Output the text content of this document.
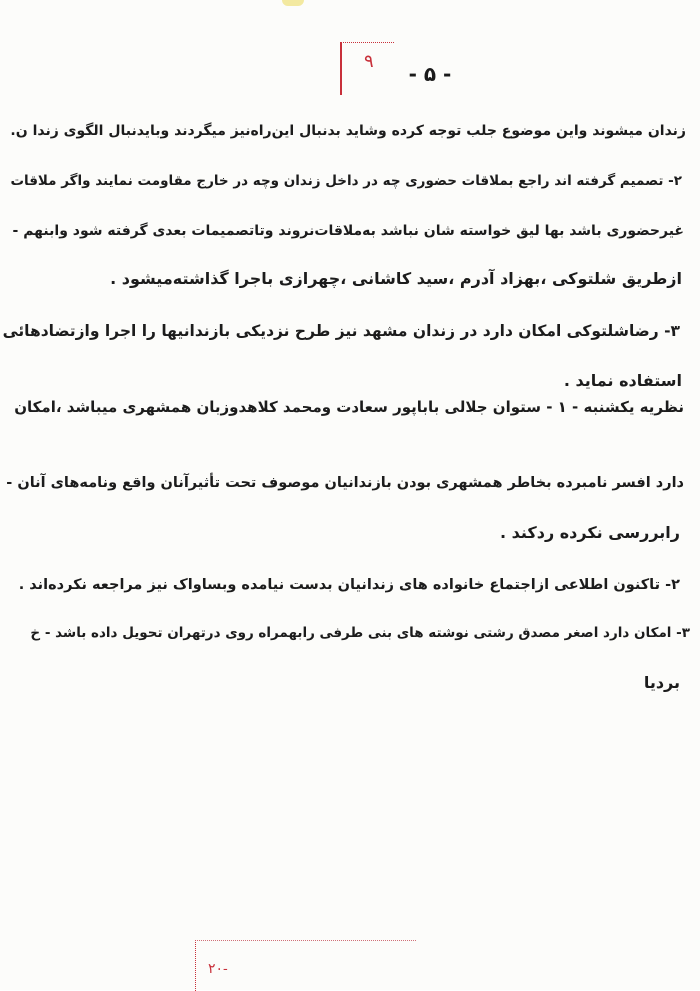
۹
- ۵ -
زندان میشوند واین موضوع جلب توجه کرده وشاید بدنبال این‌راه‌نیز میگردند وبایدنبال الگوی زندا ن.
۲- تصمیم گرفته اند راجع بملاقات حضوری چه در داخل زندان وچه در خارج مقاومت نمایند واگر ملاقات
غیرحضوری باشد بها لیق خواسته شان نباشد به‌ملاقات‌نروند وتاتصمیمات بعدی گرفته شود وابنهم -
ازطریق شلتوکی ،بهزاد آدرم ،سید کاشانی ،چهرازی باجرا گذاشته‌میشود .
۳- رضاشلتوکی امکان دارد در زندان مشهد نیز طرح نزدیکی بازندانیها را اجرا وازتضادهائی
استفاده نماید .
نظریه یکشنبه - ۱ - ستوان جلالی باباپور سعادت ومحمد کلاهدوزبان همشهری میباشد ،امکان
دارد افسر نامبرده بخاطر همشهری بودن بازندانیان موصوف تحت تأثیرآنان واقع ونامه‌های آنان -
رابررسی نکرده ردکند .
۲- تاکنون اطلاعی ازاجتماع خانواده های زندانیان بدست نیامده وبساواک نیز مراجعه نکرده‌اند .
۳- امکان دارد اصغر مصدق رشتی نوشته های بنی طرفی رابهمراه روی درتهران تحویل داده باشد - خ
بردیا
۲۰-
